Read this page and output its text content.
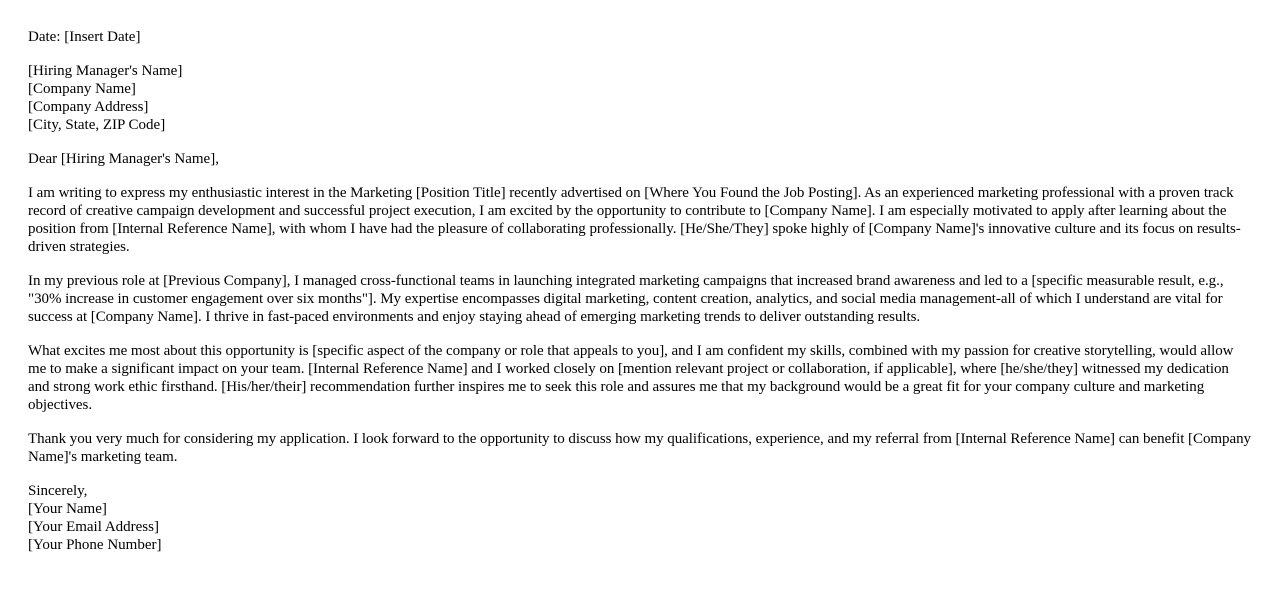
Date: [Insert Date]
[Hiring Manager's Name]
[Company Name]
[Company Address]
[City, State, ZIP Code]
Dear [Hiring Manager's Name],
I am writing to express my enthusiastic interest in the Marketing [Position Title] recently advertised on [Where You Found the Job Posting]. As an experienced marketing professional with a proven track record of creative campaign development and successful project execution, I am excited by the opportunity to contribute to [Company Name]. I am especially motivated to apply after learning about the position from [Internal Reference Name], with whom I have had the pleasure of collaborating professionally. [He/She/They] spoke highly of [Company Name]'s innovative culture and its focus on results-driven strategies.
In my previous role at [Previous Company], I managed cross-functional teams in launching integrated marketing campaigns that increased brand awareness and led to a [specific measurable result, e.g., "30% increase in customer engagement over six months"]. My expertise encompasses digital marketing, content creation, analytics, and social media management-all of which I understand are vital for success at [Company Name]. I thrive in fast-paced environments and enjoy staying ahead of emerging marketing trends to deliver outstanding results.
What excites me most about this opportunity is [specific aspect of the company or role that appeals to you], and I am confident my skills, combined with my passion for creative storytelling, would allow me to make a significant impact on your team. [Internal Reference Name] and I worked closely on [mention relevant project or collaboration, if applicable], where [he/she/they] witnessed my dedication and strong work ethic firsthand. [His/her/their] recommendation further inspires me to seek this role and assures me that my background would be a great fit for your company culture and marketing objectives.
Thank you very much for considering my application. I look forward to the opportunity to discuss how my qualifications, experience, and my referral from [Internal Reference Name] can benefit [Company Name]'s marketing team.
Sincerely,
[Your Name]
[Your Email Address]
[Your Phone Number]
